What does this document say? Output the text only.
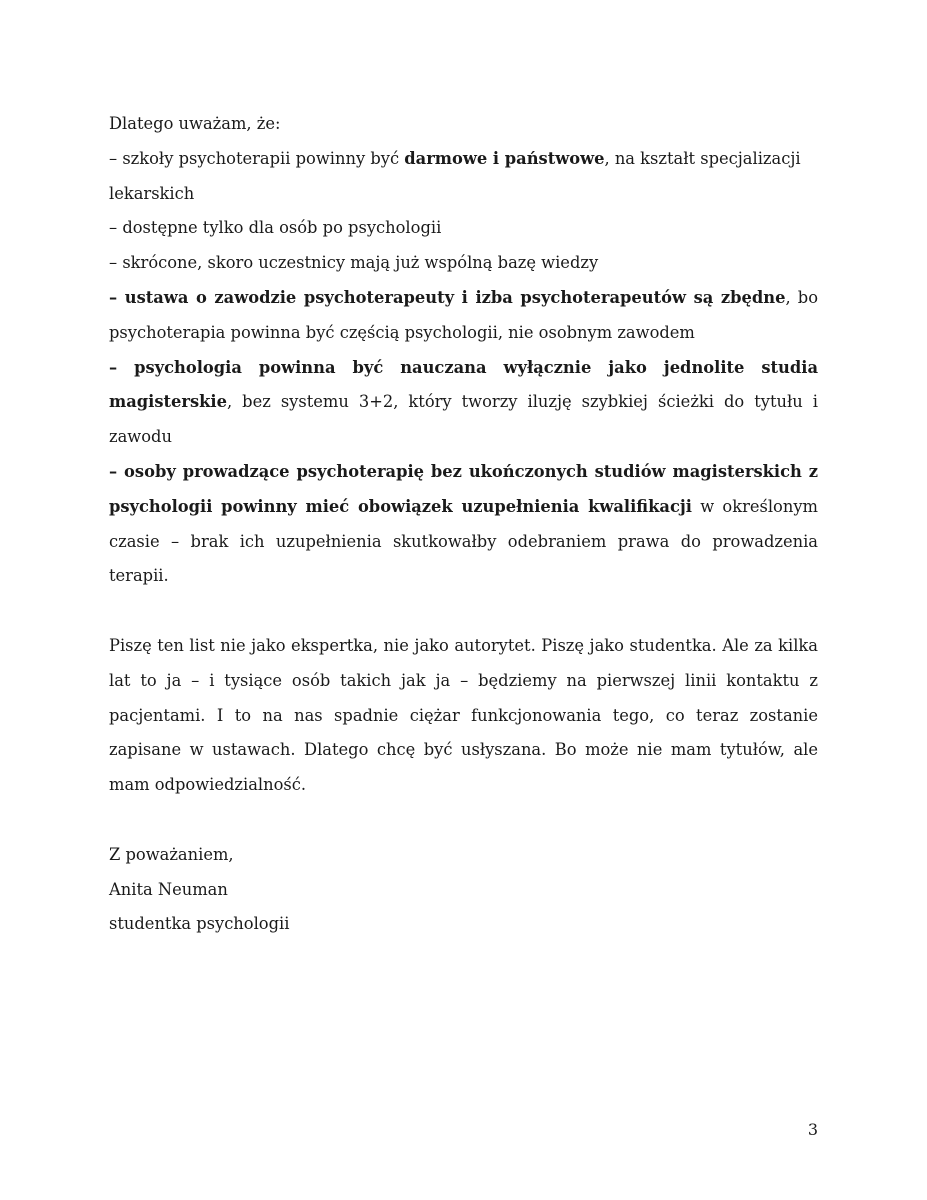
Dlatego uważam, że:

– szkoły psychoterapii powinny być darmowe i państwowe, na kształt specjalizacji lekarskich

– dostępne tylko dla osób po psychologii

– skrócone, skoro uczestnicy mają już wspólną bazę wiedzy

– ustawa o zawodzie psychoterapeuty i izba psychoterapeutów są zbędne, bo psychoterapia powinna być częścią psychologii, nie osobnym zawodem

– psychologia powinna być nauczana wyłącznie jako jednolite studia magisterskie, bez systemu 3+2, który tworzy iluzję szybkiej ścieżki do tytułu i zawodu

– osoby prowadzące psychoterapię bez ukończonych studiów magisterskich z psychologii powinny mieć obowiązek uzupełnienia kwalifikacji w określonym czasie – brak ich uzupełnienia skutkowałby odebraniem prawa do prowadzenia terapii.

Piszę ten list nie jako ekspertka, nie jako autorytet. Piszę jako studentka. Ale za kilka lat to ja – i tysiące osób takich jak ja – będziemy na pierwszej linii kontaktu z pacjentami. I to na nas spadnie ciężar funkcjonowania tego, co teraz zostanie zapisane w ustawach. Dlatego chcę być usłyszana. Bo może nie mam tytułów, ale mam odpowiedzialność.

Z poważaniem,

Anita Neuman

studentka psychologii

3
